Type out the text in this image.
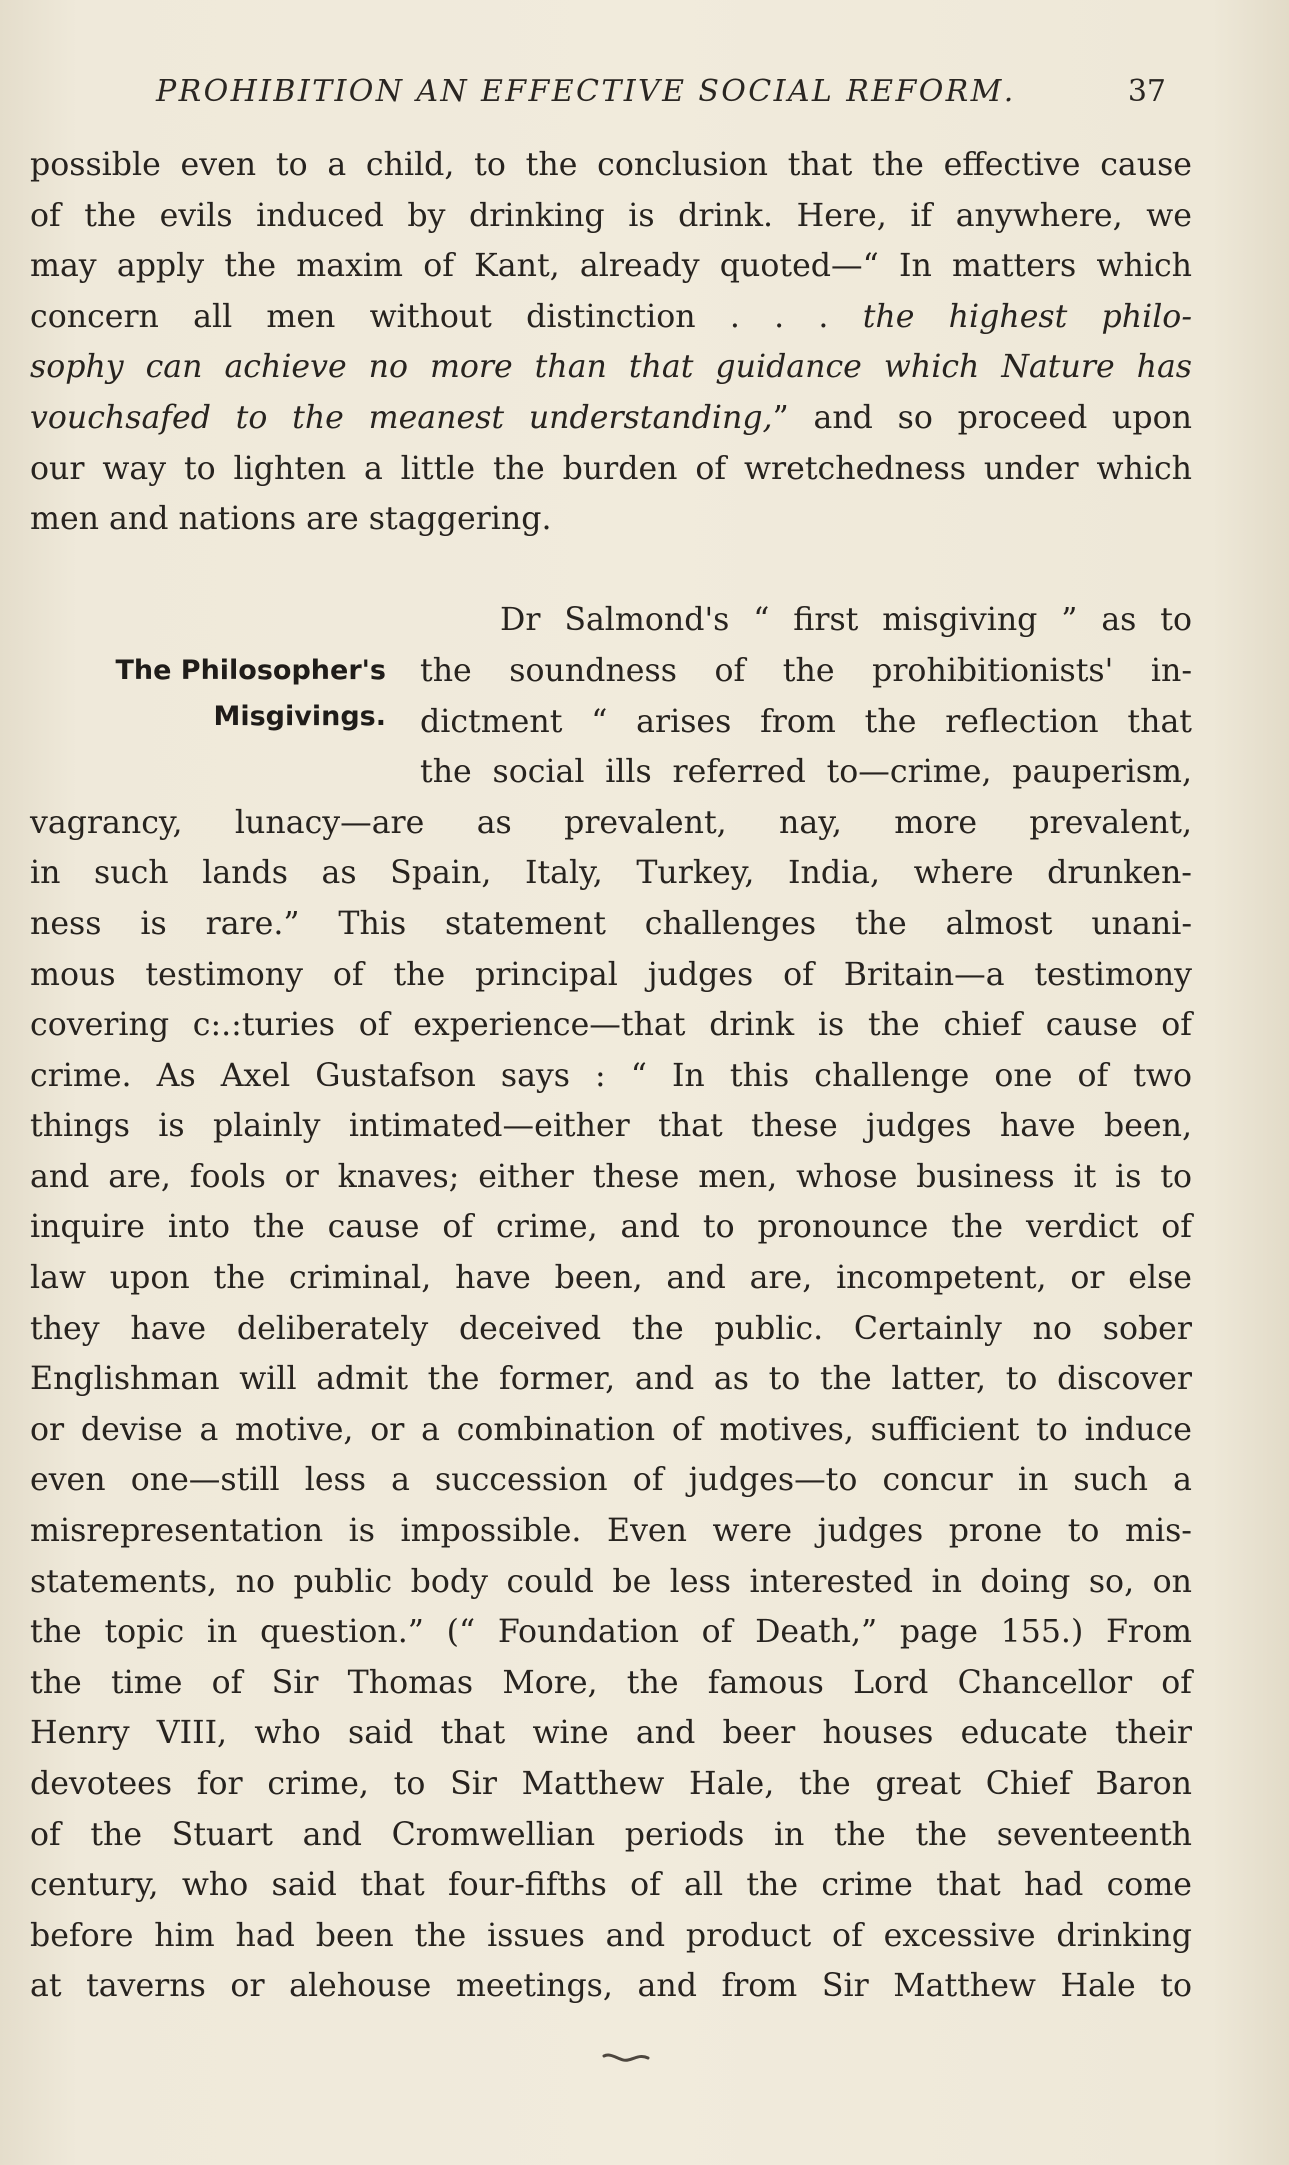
PROHIBITION AN EFFECTIVE SOCIAL REFORM.	37
The Philosopher's
Misgivings.
possible even to a child, to the conclusion that the effective cause
of the evils induced by drinking is drink. Here, if anywhere, we
may apply the maxim of Kant, already quoted—“ In matters which
concern all men without distinction . . . the highest philo-
sophy can achieve no more than that guidance which Nature has
vouchsafed to the meanest understanding,” and so proceed upon
our way to lighten a little the burden of wretchedness under which
men and nations are staggering.
Dr Salmond's “ first misgiving ” as to
the soundness of the prohibitionists' in-
dictment “ arises from the reflection that
the social ills referred to—crime, pauperism,
vagrancy, lunacy—are as prevalent, nay, more prevalent,
in such lands as Spain, Italy, Turkey, India, where drunken-
ness is rare.” This statement challenges the almost unani-
mous testimony of the principal judges of Britain—a testimony
covering c:.:turies of experience—that drink is the chief cause of
crime. As Axel Gustafson says : “ In this challenge one of two
things is plainly intimated—either that these judges have been,
and are, fools or knaves; either these men, whose business it is to
inquire into the cause of crime, and to pronounce the verdict of
law upon the criminal, have been, and are, incompetent, or else
they have deliberately deceived the public. Certainly no sober
Englishman will admit the former, and as to the latter, to discover
or devise a motive, or a combination of motives, sufficient to induce
even one—still less a succession of judges—to concur in such a
misrepresentation is impossible. Even were judges prone to mis-
statements, no public body could be less interested in doing so, on
the topic in question.” (“ Foundation of Death,” page 155.) From
the time of Sir Thomas More, the famous Lord Chancellor of
Henry VIII, who said that wine and beer houses educate their
devotees for crime, to Sir Matthew Hale, the great Chief Baron
of the Stuart and Cromwellian periods in the the seventeenth
century, who said that four-fifths of all the crime that had come
before him had been the issues and product of excessive drinking
at taverns or alehouse meetings, and from Sir Matthew Hale to
